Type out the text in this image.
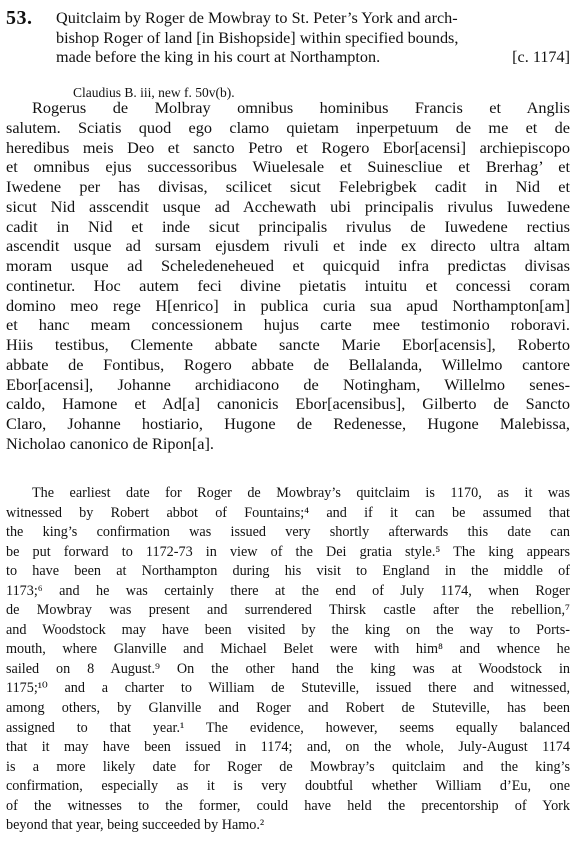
53. Quitclaim by Roger de Mowbray to St. Peter’s York and arch-
bishop Roger of land [in Bishopside] within specified bounds,
made before the king in his court at Northampton.	[c. 1174]
Claudius B. iii, new f. 50v(b).
Rogerus de Molbray omnibus hominibus Francis et Anglis
salutem. Sciatis quod ego clamo quietam inperpetuum de me et de
heredibus meis Deo et sancto Petro et Rogero Ebor[acensi] archiepiscopo
et omnibus ejus successoribus Wiuelesale et Suinescliue et Brerhag’ et
Iwedene per has divisas, scilicet sicut Felebrigbek cadit in Nid et
sicut Nid asscendit usque ad Acchewath ubi principalis rivulus Iuwedene
cadit in Nid et inde sicut principalis rivulus de Iuwedene rectius
ascendit usque ad sursam ejusdem rivuli et inde ex directo ultra altam
moram usque ad Scheledeneheued et quicquid infra predictas divisas
continetur. Hoc autem feci divine pietatis intuitu et concessi coram
domino meo rege H[enrico] in publica curia sua apud Northampton[am]
et hanc meam concessionem hujus carte mee testimonio roboravi.
Hiis testibus, Clemente abbate sancte Marie Ebor[acensis], Roberto
abbate de Fontibus, Rogero abbate de Bellalanda, Willelmo cantore
Ebor[acensi], Johanne archidiacono de Notingham, Willelmo senes-
caldo, Hamone et Ad[a] canonicis Ebor[acensibus], Gilberto de Sancto
Claro, Johanne hostiario, Hugone de Redenesse, Hugone Malebissa,
Nicholao canonico de Ripon[a].
The earliest date for Roger de Mowbray’s quitclaim is 1170, as it was
witnessed by Robert abbot of Fountains;⁴ and if it can be assumed that
the king’s confirmation was issued very shortly afterwards this date can
be put forward to 1172-73 in view of the Dei gratia style.⁵ The king appears
to have been at Northampton during his visit to England in the middle of
1173;⁶ and he was certainly there at the end of July 1174, when Roger
de Mowbray was present and surrendered Thirsk castle after the rebellion,⁷
and Woodstock may have been visited by the king on the way to Ports-
mouth, where Glanville and Michael Belet were with him⁸ and whence he
sailed on 8 August.⁹ On the other hand the king was at Woodstock in
1175;¹⁰ and a charter to William de Stuteville, issued there and witnessed,
among others, by Glanville and Roger and Robert de Stuteville, has been
assigned to that year.¹ The evidence, however, seems equally balanced
that it may have been issued in 1174; and, on the whole, July-August 1174
is a more likely date for Roger de Mowbray’s quitclaim and the king’s
confirmation, especially as it is very doubtful whether William d’Eu, one
of the witnesses to the former, could have held the precentorship of York
beyond that year, being succeeded by Hamo.²
